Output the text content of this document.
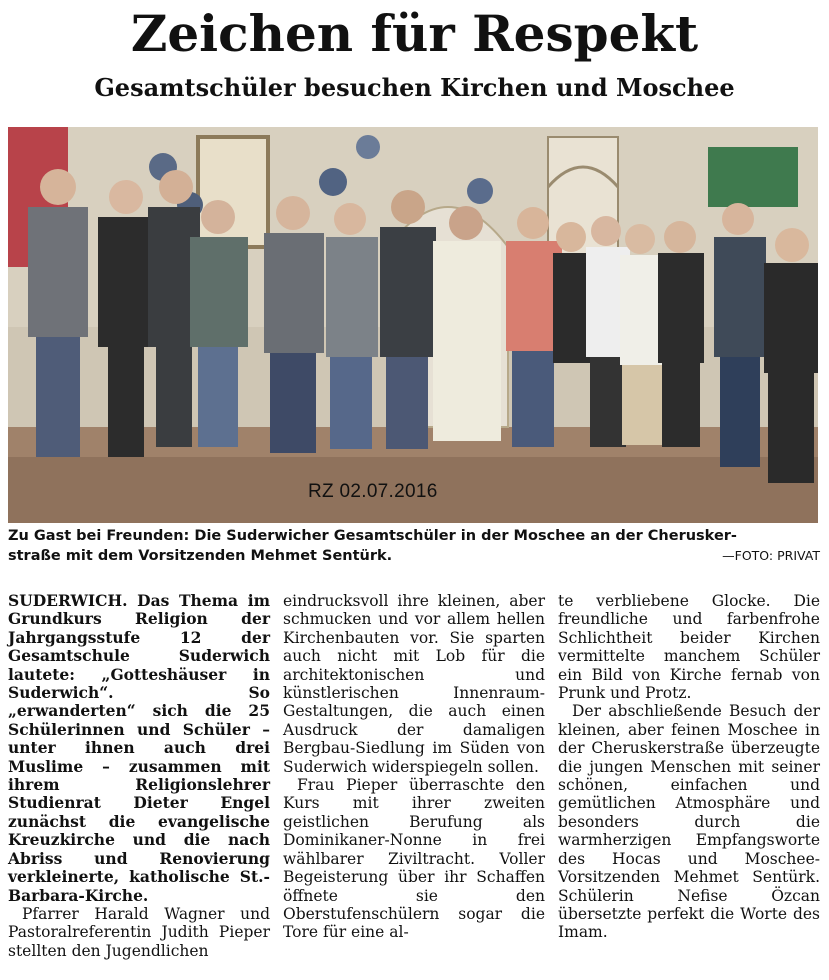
Zeichen für Respekt
Gesamtschüler besuchen Kirchen und Moschee
RZ 02.07.2016
Zu Gast bei Freunden: Die Suderwicher Gesamtschüler in der Moschee an der Cherusker-
straße mit dem Vorsitzenden Mehmet Sentürk.	—FOTO: PRIVAT

SUDERWICH. Das Thema im Grundkurs Religion der Jahrgangsstufe 12 der Gesamtschule Suderwich lautete: „Gotteshäuser in Suderwich“. So „erwanderten“ sich die 25 Schülerinnen und Schüler – unter ihnen auch drei Muslime – zusammen mit ihrem Religionslehrer Studienrat Dieter Engel zunächst die evangelische Kreuzkirche und die nach Abriss und Renovierung verkleinerte, katholische St.-Barbara-Kirche.

Pfarrer Harald Wagner und Pastoralreferentin Judith Pieper stellten den Jugendlichen

eindrucksvoll ihre kleinen, aber schmucken und vor allem hellen Kirchenbauten vor. Sie sparten auch nicht mit Lob für die architektonischen und künstlerischen Innenraum-Gestaltungen, die auch einen Ausdruck der damaligen Bergbau-Siedlung im Süden von Suderwich widerspiegeln sollen.

Frau Pieper überraschte den Kurs mit ihrer zweiten geistlichen Berufung als Dominikaner-Nonne in frei wählbarer Ziviltracht. Voller Begeisterung über ihr Schaffen öffnete sie den Oberstufenschülern sogar die Tore für eine al-

te verbliebene Glocke. Die freundliche und farbenfrohe Schlichtheit beider Kirchen vermittelte manchem Schüler ein Bild von Kirche fernab von Prunk und Protz.

Der abschließende Besuch der kleinen, aber feinen Moschee in der Cheruskerstraße überzeugte die jungen Menschen mit seiner schönen, einfachen und gemütlichen Atmosphäre und besonders durch die warmherzigen Empfangsworte des Hocas und Moschee-Vorsitzenden Mehmet Sentürk. Schülerin Nefise Özcan übersetzte perfekt die Worte des Imam.
